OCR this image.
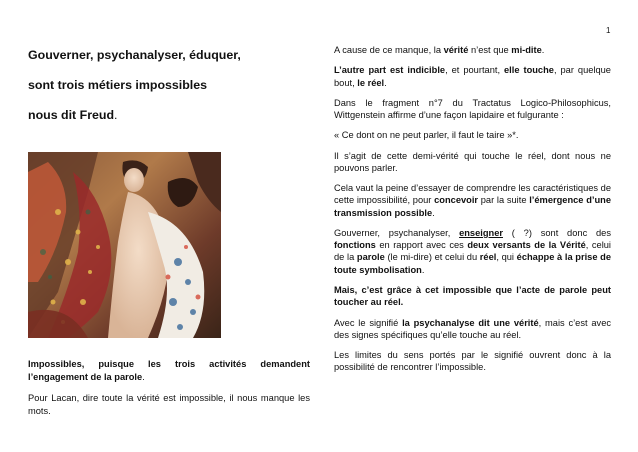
1

Gouverner, psychanalyser, éduquer,

sont trois métiers impossibles

nous dit Freud.

Impossibles, puisque les trois activités demandent l’engagement de la parole.

Pour Lacan, dire toute la vérité est impossible, il nous manque les mots.

A cause de ce manque, la vérité n’est que mi-dite.

L’autre part est indicible, et pourtant, elle touche, par quelque bout, le réel.

Dans le fragment n°7 du Tractatus Logico-Philosophicus, Wittgenstein affirme d’une façon lapidaire et fulgurante :

« Ce dont on ne peut parler, il faut le taire »*.

Il s’agit de cette demi-vérité qui touche le réel, dont nous ne pouvons parler.

Cela vaut la peine d’essayer de comprendre les caractéristiques de cette impossibilité, pour concevoir par la suite l’émergence d’une transmission possible.

Gouverner, psychanalyser, enseigner ( ?) sont donc des fonctions en rapport avec ces deux versants de la Vérité, celui de la parole (le mi-dire) et celui du réel, qui échappe à la prise de toute symbolisation.

Mais, c’est grâce à cet impossible que l’acte de parole peut toucher au réel.

Avec le signifié la psychanalyse dit une vérité, mais c’est avec des signes spécifiques qu’elle touche au réel.

Les limites du sens portés par le signifié ouvrent donc à la possibilité de rencontrer l’impossible.
